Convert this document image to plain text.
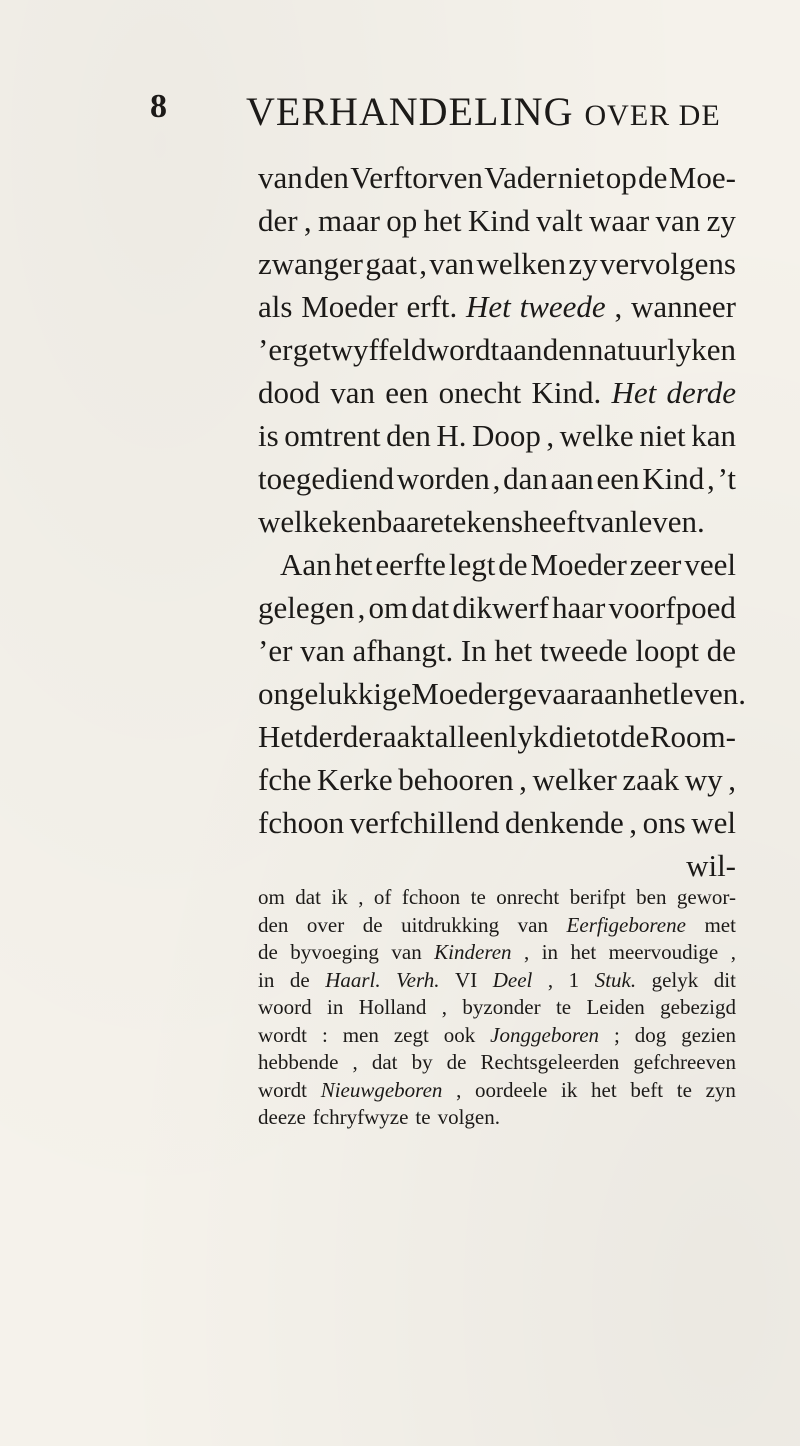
8 VERHANDELING OVER DE
van den Verftorven Vader niet op de Moe-
der , maar op het Kind valt waar van zy
zwanger gaat , van welken zy vervolgens
als Moeder erft. Het tweede , wanneer
’er getwyffeld wordt aan den natuurlyken
dood van een onecht Kind. Het derde
is omtrent den H. Doop , welke niet kan
toegediend worden , dan aan een Kind , ’t
welke kenbaare tekens heeft van leven.
Aan het eerfte legt de Moeder zeer veel
gelegen , om dat dikwerf haar voorfpoed
’er van afhangt. In het tweede loopt de
ongelukkige Moeder gevaar aan het leven.
Het derde raakt alleenlyk die tot de Room-
fche Kerke behooren , welker zaak wy ,
fchoon verfchillend denkende , ons wel
wil-
om dat ik , of fchoon te onrecht berifpt ben gewor-
den over de uitdrukking van Eerfigeborene met
de byvoeging van Kinderen , in het meervoudige ,
in de Haarl. Verh. VI Deel , 1 Stuk. gelyk dit
woord in Holland , byzonder te Leiden gebezigd
wordt : men zegt ook Jonggeboren ; dog gezien
hebbende , dat by de Rechtsgeleerden gefchreeven
wordt Nieuwgeboren , oordeele ik het beft te zyn
deeze fchryfwyze te volgen.
